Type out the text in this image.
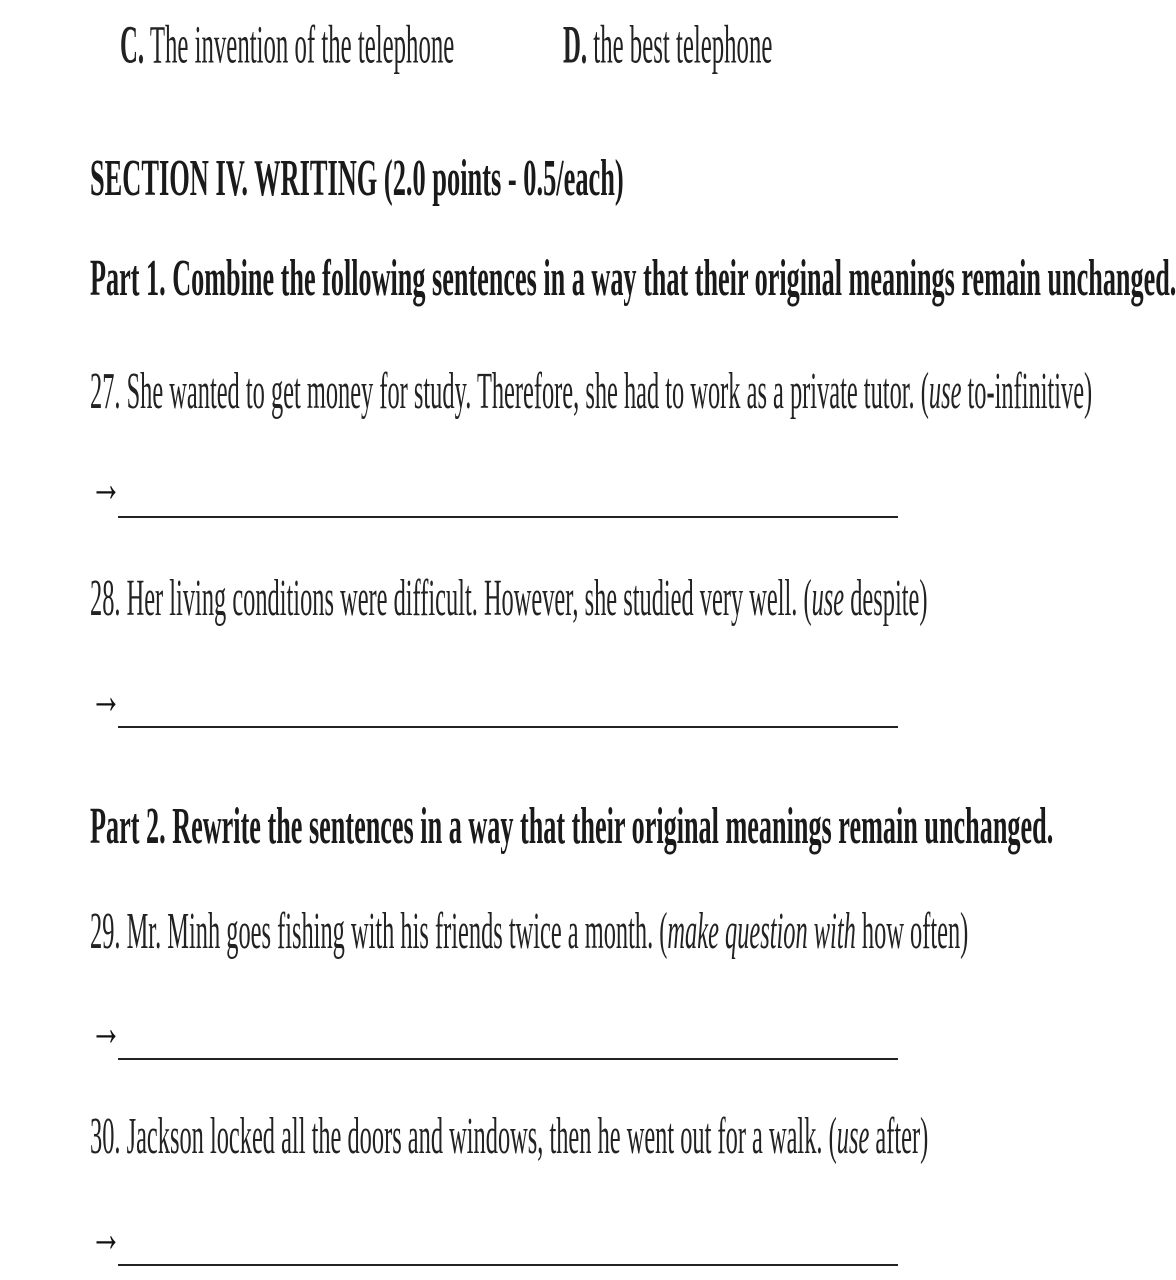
C. The invention of the telephone	D. the best telephone
SECTION IV. WRITING (2.0 points - 0.5/each)
Part 1. Combine the following sentences in a way that their original meanings remain unchanged.
27. She wanted to get money for study. Therefore, she had to work as a private tutor. (use to-infinitive)
→
28. Her living conditions were difficult. However, she studied very well. (use despite)
→
Part 2. Rewrite the sentences in a way that their original meanings remain unchanged.
29. Mr. Minh goes fishing with his friends twice a month. (make question with how often)
→
30. Jackson locked all the doors and windows, then he went out for a walk. (use after)
→
